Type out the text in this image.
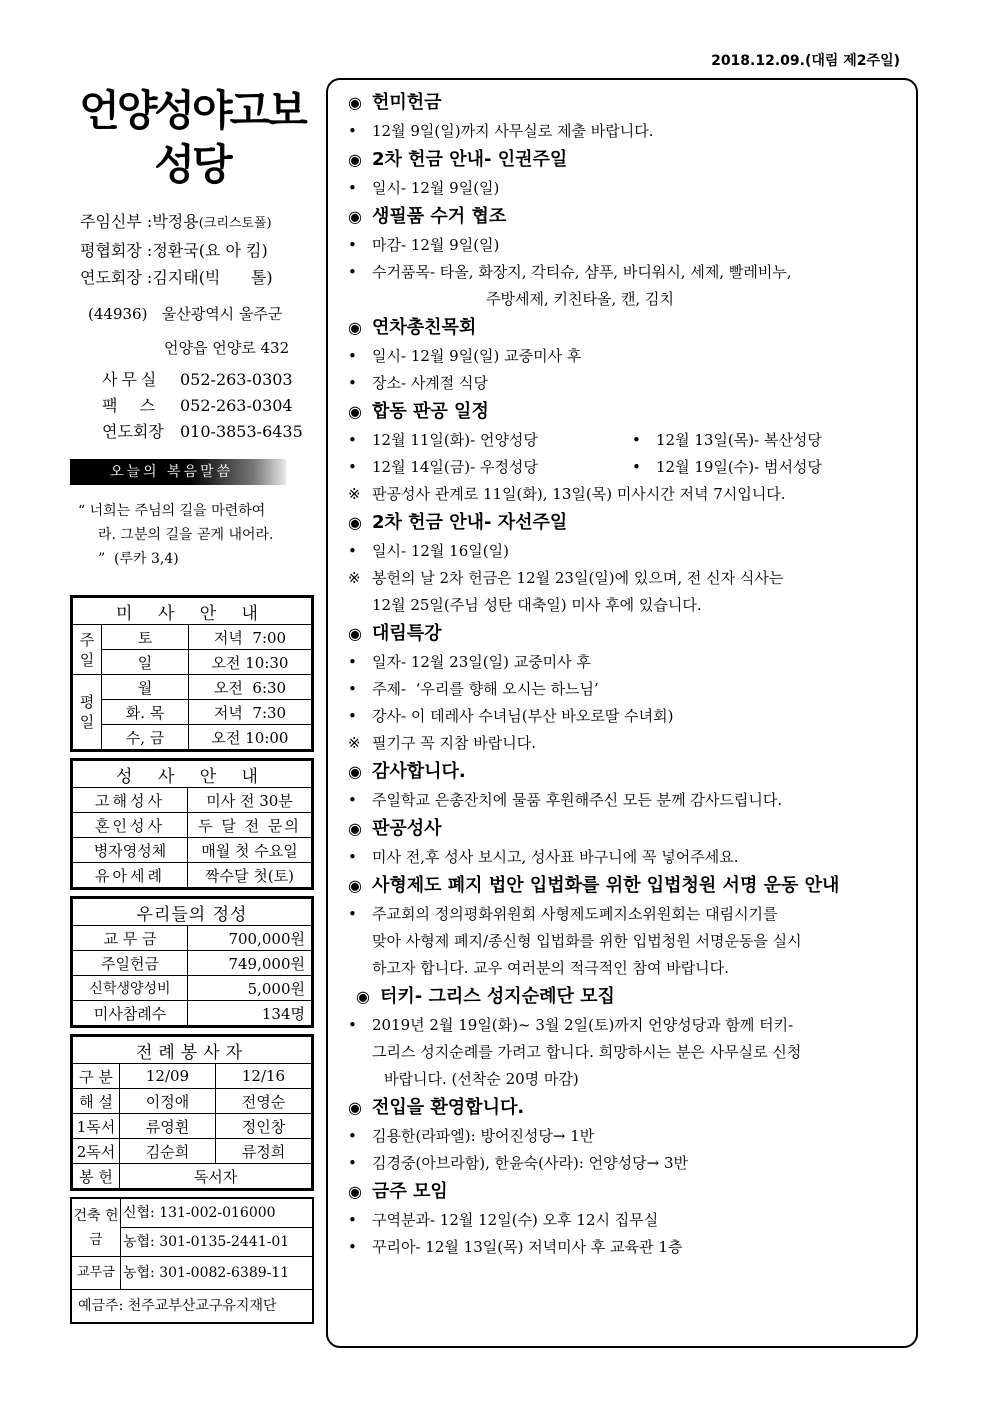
2018.12.09.(대림 제2주일)
언양성야고보
성당
주임신부 :박정용(크리스토폴)
평협회장 :정환국(요 아 킴)
연도회장 :김지태(빅      톨)
(44936)   울산광역시 울주군
언양읍 언양로 432
사무실	052-263-0303
팩  스	052-263-0304
연도회장	010-3853-6435
오늘의 복음말씀
“ 너희는 주님의 길을 마련하여
라. 그분의 길을 곧게 내어라.
”  (루카 3,4)
미 사 안 내		
주일	토	저녁  7:00
	일	오전 10:30
평일	월	오전  6:30
	화. 목	저녁  7:30
	수, 금	오전 10:00
성 사 안 내	
고해성사	미사 전 30분
혼인성사	두 달 전 문의
병자영성체	매월 첫 수요일
유아세례	짝수달 첫(토)
우리들의 정성	
교 무 금	700,000원
주일헌금	749,000원
신학생양성비	5,000원
미사참례수	134명
전례봉사자		
구 분	12/09	12/16
해 설	이정애	전영순
1독서	류영휜	정인창
2독서	김순희	류정희
봉 헌	독서자	
건축 헌금
신협: 131-002-016000
농협: 301-0135-2441-01
교무금 농협: 301-0082-6389-11
예금주: 천주교부산교구유지재단
◉ 헌미헌금
•	12월 9일(일)까지 사무실로 제출 바랍니다.
◉ 2차 헌금 안내- 인권주일
•	일시- 12월 9일(일)
◉ 생필품 수거 협조
•	마감- 12월 9일(일)
•	수거품목- 타올, 화장지, 각티슈, 샴푸, 바디워시, 세제, 빨레비누,
주방세제, 키친타올, 캔, 김치
◉ 연차총친목회
•	일시- 12월 9일(일) 교중미사 후
•	장소- 사계절 식당
◉ 합동 판공 일정
•	12월 11일(화)- 언양성당	•	12월 13일(목)- 복산성당
•	12월 14일(금)- 우정성당	•	12월 19일(수)- 범서성당
※ 판공성사 관계로 11일(화), 13일(목) 미사시간 저녁 7시입니다.
◉ 2차 헌금 안내- 자선주일
•	일시- 12월 16일(일)
※ 봉헌의 날 2차 헌금은 12월 23일(일)에 있으며, 전 신자 식사는
12월 25일(주님 성탄 대축일) 미사 후에 있습니다.
◉ 대림특강
•	일자- 12월 23일(일) 교중미사 후
•	주제-  ‘우리를 향해 오시는 하느님’
•	강사- 이 데레사 수녀님(부산 바오로딸 수녀회)
※ 필기구 꼭 지참 바랍니다.
◉ 감사합니다.
•	주일학교 은총잔치에 물품 후원해주신 모든 분께 감사드립니다.
◉ 판공성사
•	미사 전,후 성사 보시고, 성사표 바구니에 꼭 넣어주세요.
◉ 사형제도 폐지 법안 입법화를 위한 입법청원 서명 운동 안내
•	주교회의 정의평화위원회 사형제도폐지소위원회는 대림시기를
맞아 사형제 폐지/종신형 입법화를 위한 입법청원 서명운동을 실시
하고자 합니다. 교우 여러분의 적극적인 참여 바랍니다.
◉ 터키- 그리스 성지순례단 모집
•	2019년 2월 19일(화)~ 3월 2일(토)까지 언양성당과 함께 터키-
그리스 성지순례를 가려고 합니다. 희망하시는 분은 사무실로 신청
바랍니다. (선착순 20명 마감)
◉ 전입을 환영합니다.
•	김용한(라파엘): 방어진성당→ 1반
•	김경중(아브라함), 한윤숙(사라): 언양성당→ 3반
◉ 금주 모임
•	구역분과- 12월 12일(수) 오후 12시 집무실
•	꾸리아- 12월 13일(목) 저녁미사 후 교육관 1층
